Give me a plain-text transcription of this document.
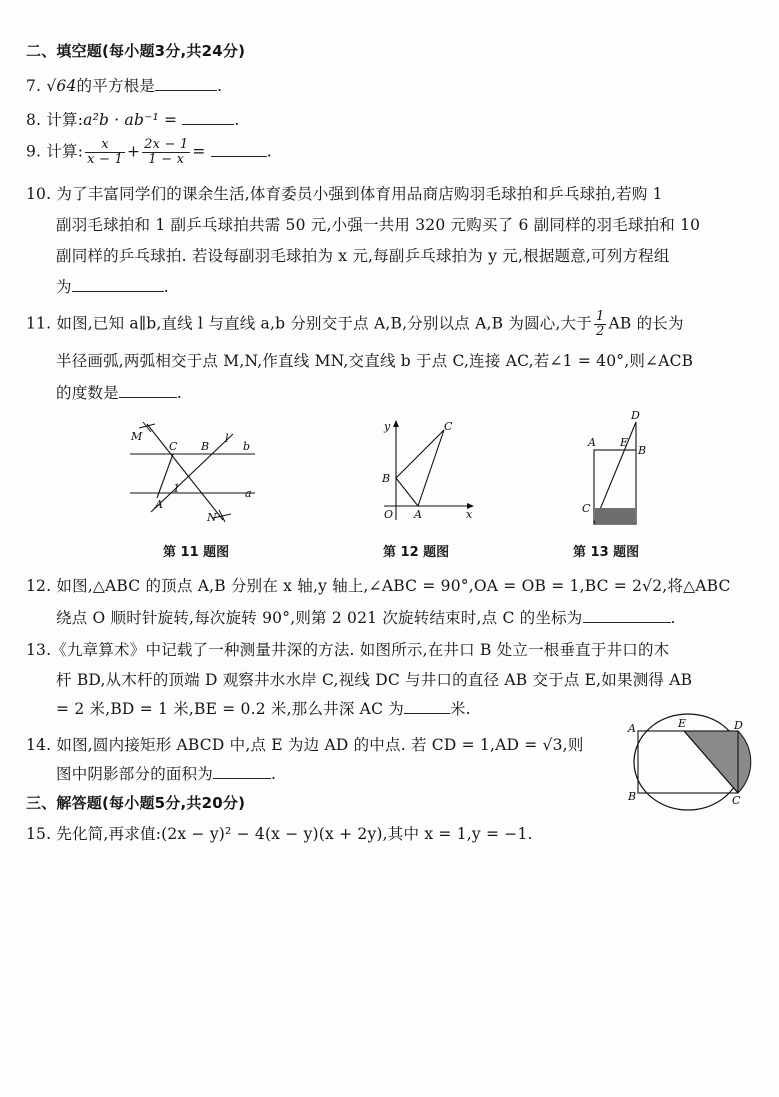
二、填空题(每小题3分,共24分)
7. √64的平方根是	.
8. 计算:a²b · ab⁻¹ =	.
9. 计算: $\frac{x}{x - 1} + \frac{2x - 1}{1 - x}$ =	.
10. 为了丰富同学们的课余生活,体育委员小强到体育用品商店购羽毛球拍和乒乓球拍,若购 1
副羽毛球拍和 1 副乒乓球拍共需 50 元,小强一共用 320 元购买了 6 副同样的羽毛球拍和 10
副同样的乒乓球拍. 若设每副羽毛球拍为 x 元,每副乒乓球拍为 y 元,根据题意,可列方程组
为	.
11. 如图,已知 a∥b,直线 l 与直线 a,b 分别交于点 A,B,分别以点 A,B 为圆心,大于 $\frac{1}{2}$ AB 的长为
半径画弧,两弧相交于点 M,N,作直线 MN,交直线 b 于点 C,连接 AC,若∠1 = 40°,则∠ACB
的度数是	.
M
C B
l
b
a
1
A
N
y	C
B
O A	x
D
A E
B
C
第 11 题图	第 12 题图	第 13 题图
12. 如图,△ABC 的顶点 A,B 分别在 x 轴,y 轴上,∠ABC = 90°,OA = OB = 1,BC = 2√2,将△ABC
绕点 O 顺时针旋转,每次旋转 90°,则第 2 021 次旋转结束时,点 C 的坐标为	.
13.《九章算术》中记载了一种测量井深的方法. 如图所示,在井口 B 处立一根垂直于井口的木
杆 BD,从木杆的顶端 D 观察井水水岸 C,视线 DC 与井口的直径 AB 交于点 E,如果测得 AB
= 2 米,BD = 1 米,BE = 0.2 米,那么井深 AC 为	米.
14. 如图,圆内接矩形 ABCD 中,点 E 为边 AD 的中点. 若 CD = 1,AD = √3,则
图中阴影部分的面积为	.
A	E	D
B	C
三、解答题(每小题5分,共20分)
15. 先化简,再求值:(2x − y)² − 4(x − y)(x + 2y),其中 x = 1,y = −1.
